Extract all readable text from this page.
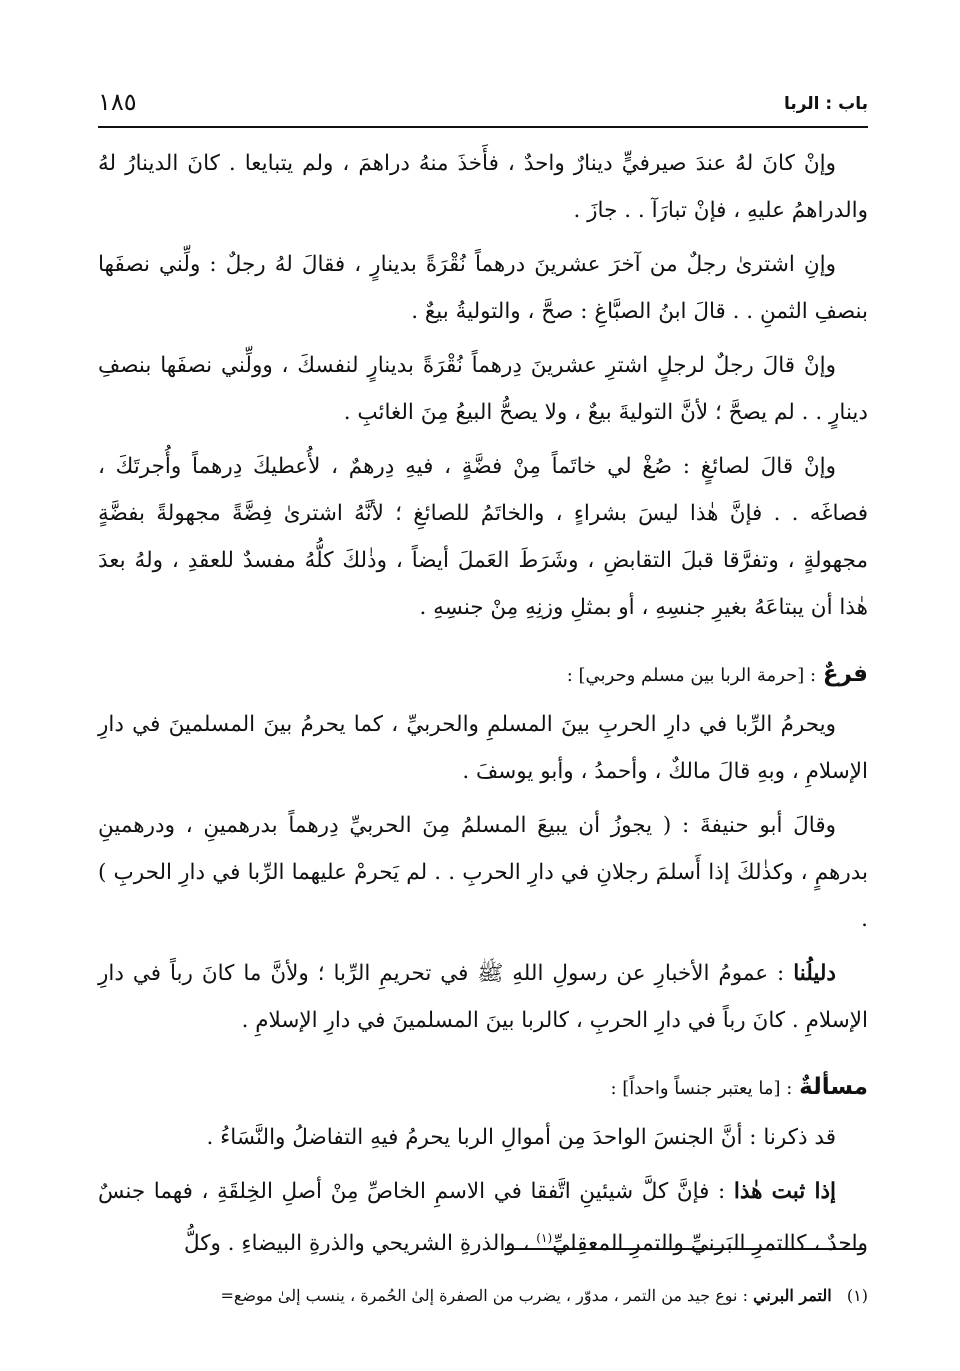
باب : الربا
١٨٥

وإنْ كانَ لهُ عندَ صيرفيٍّ دينارٌ واحدٌ ، فأَخذَ منهُ دراهمَ ، ولم يتبايعا . كانَ الدينارُ لهُ والدراهمُ عليهِ ، فإنْ تبارَآ . . جازَ .

وإنِ اشترىٰ رجلٌ من آخرَ عشرينَ درهماً نُقْرَةً بدينارٍ ، فقالَ لهُ رجلٌ : ولِّني نصفَها بنصفِ الثمنِ . . قالَ ابنُ الصبَّاغِ : صحَّ ، والتوليةُ بيعٌ .

وإنْ قالَ رجلٌ لرجلٍ اشترِ عشرينَ دِرهماً نُقْرَةً بدينارٍ لنفسكَ ، وولِّني نصفَها بنصفِ دينارٍ . . لم يصحَّ ؛ لأنَّ التوليةَ بيعٌ ، ولا يصحُّ البيعُ مِنَ الغائبِ .

وإنْ قالَ لصائغٍ : صُغْ لي خاتَماً مِنْ فضَّةٍ ، فيهِ دِرهمٌ ، لأُعطيكَ دِرهماً وأُجرتَكَ ، فصاغَه . . فإنَّ هٰذا ليسَ بشراءٍ ، والخاتَمُ للصائغِ ؛ لأنَّهُ اشترىٰ فِضَّةً مجهولةً بفضَّةٍ مجهولةٍ ، وتفرَّقا قبلَ التقابضِ ، وشَرَطَ العَملَ أيضاً ، وذٰلكَ كلُّهُ مفسدٌ للعقدِ ، ولهُ بعدَ هٰذا أن يبتاعَهُ بغيرِ جنسِهِ ، أو بمثلِ وزنِهِ مِنْ جنسِهِ .

فرعٌ : [حرمة الربا بين مسلم وحربي] :

ويحرمُ الرِّبا في دارِ الحربِ بينَ المسلمِ والحربيِّ ، كما يحرمُ بينَ المسلمينَ في دارِ الإسلامِ ، وبهِ قالَ مالكٌ ، وأحمدُ ، وأبو يوسفَ .

وقالَ أبو حنيفةَ : ( يجوزُ أن يبيعَ المسلمُ مِنَ الحربيِّ دِرهماً بدرهمينِ ، ودرهمينِ بدرهمٍ ، وكذٰلكَ إذا أَسلمَ رجلانِ في دارِ الحربِ . . لم يَحرمْ عليهما الرِّبا في دارِ الحربِ ) .

دليلُنا : عمومُ الأخبارِ عن رسولِ اللهِ ﷺ في تحريمِ الرِّبا ؛ ولأنَّ ما كانَ رباً في دارِ الإسلامِ . كانَ رباً في دارِ الحربِ ، كالربا بينَ المسلمينَ في دارِ الإسلامِ .

مسألةٌ : [ما يعتبر جنساً واحداً] :

قد ذكرنا : أنَّ الجنسَ الواحدَ مِن أموالِ الربا يحرمُ فيهِ التفاضلُ والنَّسَاءُ .

إذا ثبت هٰذا : فإنَّ كلَّ شيئينِ اتَّفقا في الاسمِ الخاصِّ مِنْ أصلِ الخِلقَةِ ، فهما جنسٌ واحدٌ ، كالتمرِ البَرنيِّ والتمرِ المعقِليِّ$^{(١)}$ ، والذرةِ الشريحي والذرةِ البيضاءِ . وكلُّ

(١)   التمر البرني : نوع جيد من التمر ، مدوّر ، يضرب من الصفرة إلىٰ الحُمرة ، ينسب إلىٰ موضع=
